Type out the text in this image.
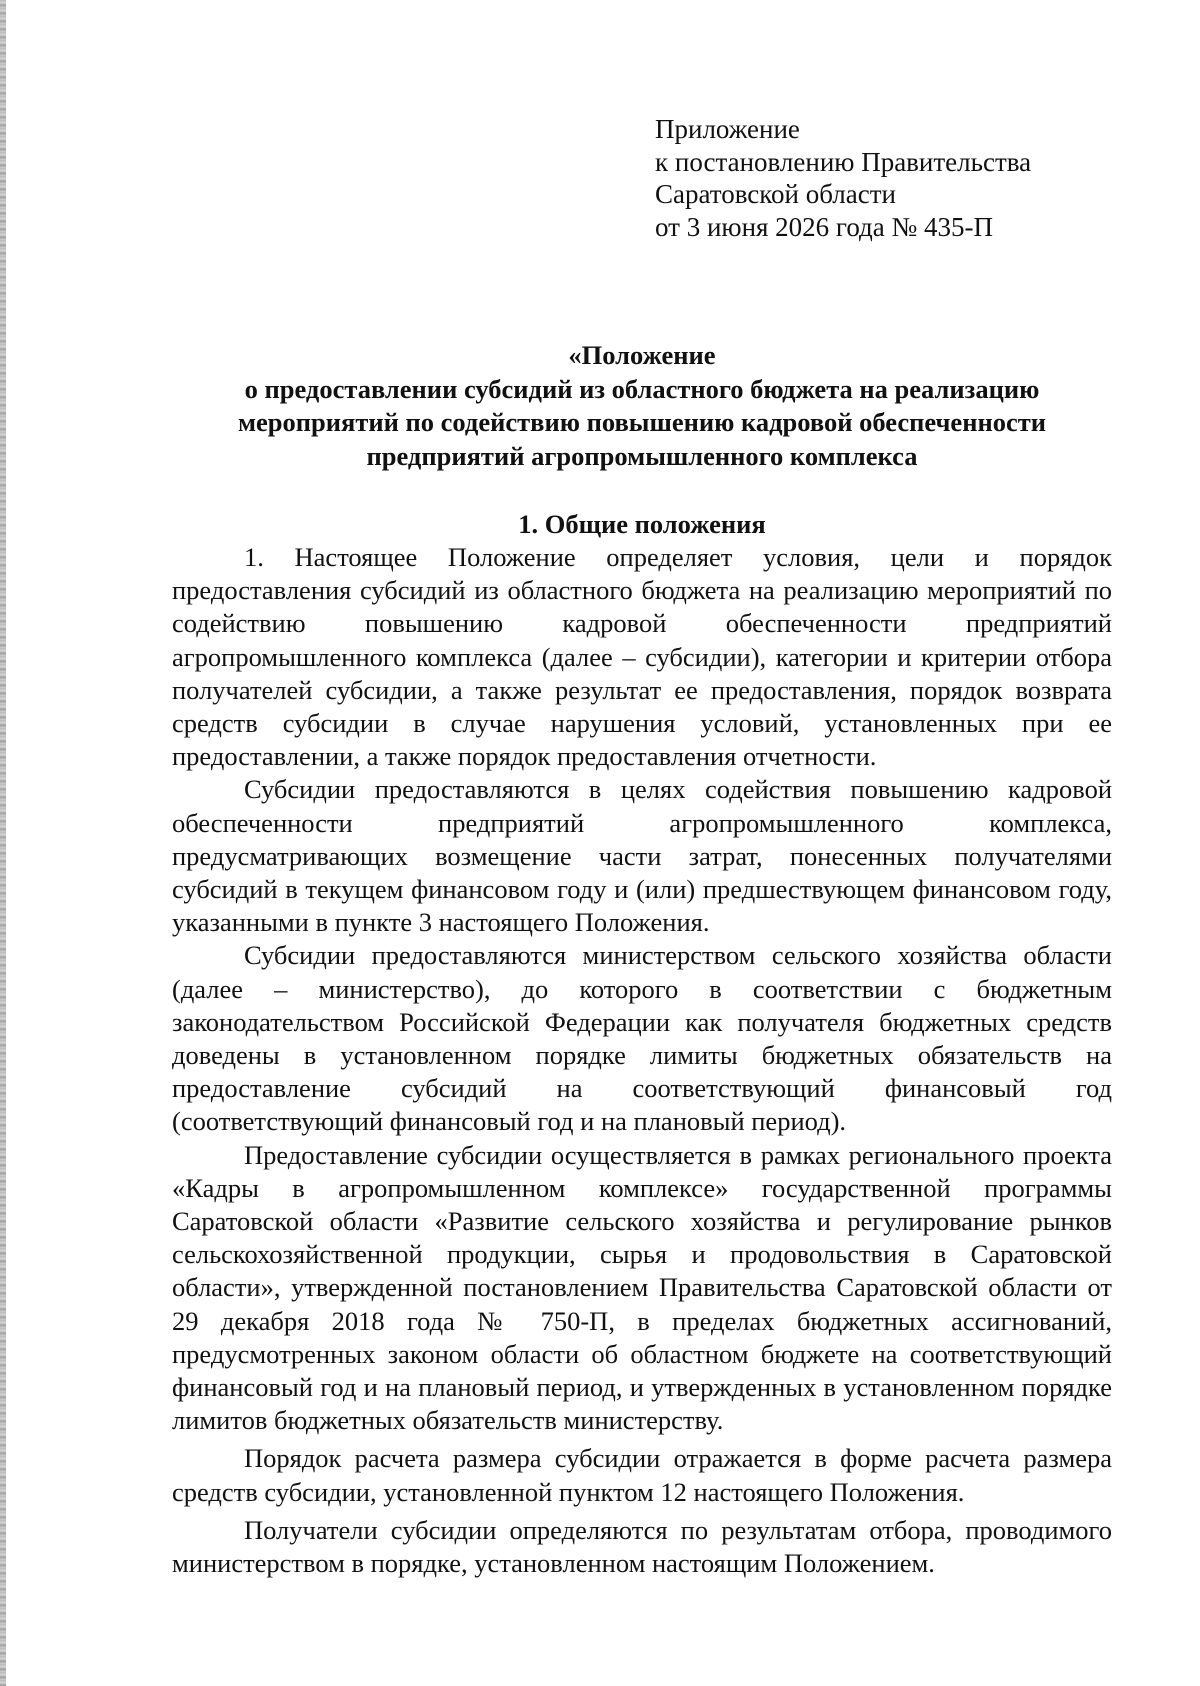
Приложение
к постановлению Правительства
Саратовской области
от 3 июня 2026 года № 435-П
«Положение
о предоставлении субсидий из областного бюджета на реализацию
мероприятий по содействию повышению кадровой обеспеченности
предприятий агропромышленного комплекса
1. Общие положения

1. Настоящее Положение определяет условия, цели и порядок предоставления субсидий из областного бюджета на реализацию мероприятий по содействию повышению кадровой обеспеченности предприятий агропромышленного комплекса (далее – субсидии), категории и критерии отбора получателей субсидии, а также результат ее предоставления, порядок возврата средств субсидии в случае нарушения условий, установленных при ее предоставлении, а также порядок предоставления отчетности.

Субсидии предоставляются в целях содействия повышению кадровой обеспеченности предприятий агропромышленного комплекса, предусматривающих возмещение части затрат, понесенных получателями субсидий в текущем финансовом году и (или) предшествующем финансовом году, указанными в пункте 3 настоящего Положения.

Субсидии предоставляются министерством сельского хозяйства области (далее – министерство), до которого в соответствии с бюджетным законодательством Российской Федерации как получателя бюджетных средств доведены в установленном порядке лимиты бюджетных обязательств на предоставление субсидий на соответствующий финансовый год (соответствующий финансовый год и на плановый период).

Предоставление субсидии осуществляется в рамках регионального проекта «Кадры в агропромышленном комплексе» государственной программы Саратовской области «Развитие сельского хозяйства и регулирование рынков сельскохозяйственной продукции, сырья и продовольствия в Саратовской области», утвержденной постановлением Правительства Саратовской области от 29 декабря 2018 года № 750-П, в пределах бюджетных ассигнований, предусмотренных законом области об областном бюджете на соответствующий финансовый год и на плановый период, и утвержденных в установленном порядке лимитов бюджетных обязательств министерству.

Порядок расчета размера субсидии отражается в форме расчета размера средств субсидии, установленной пунктом 12 настоящего Положения.

Получатели субсидии определяются по результатам отбора, проводимого министерством в порядке, установленном настоящим Положением.
